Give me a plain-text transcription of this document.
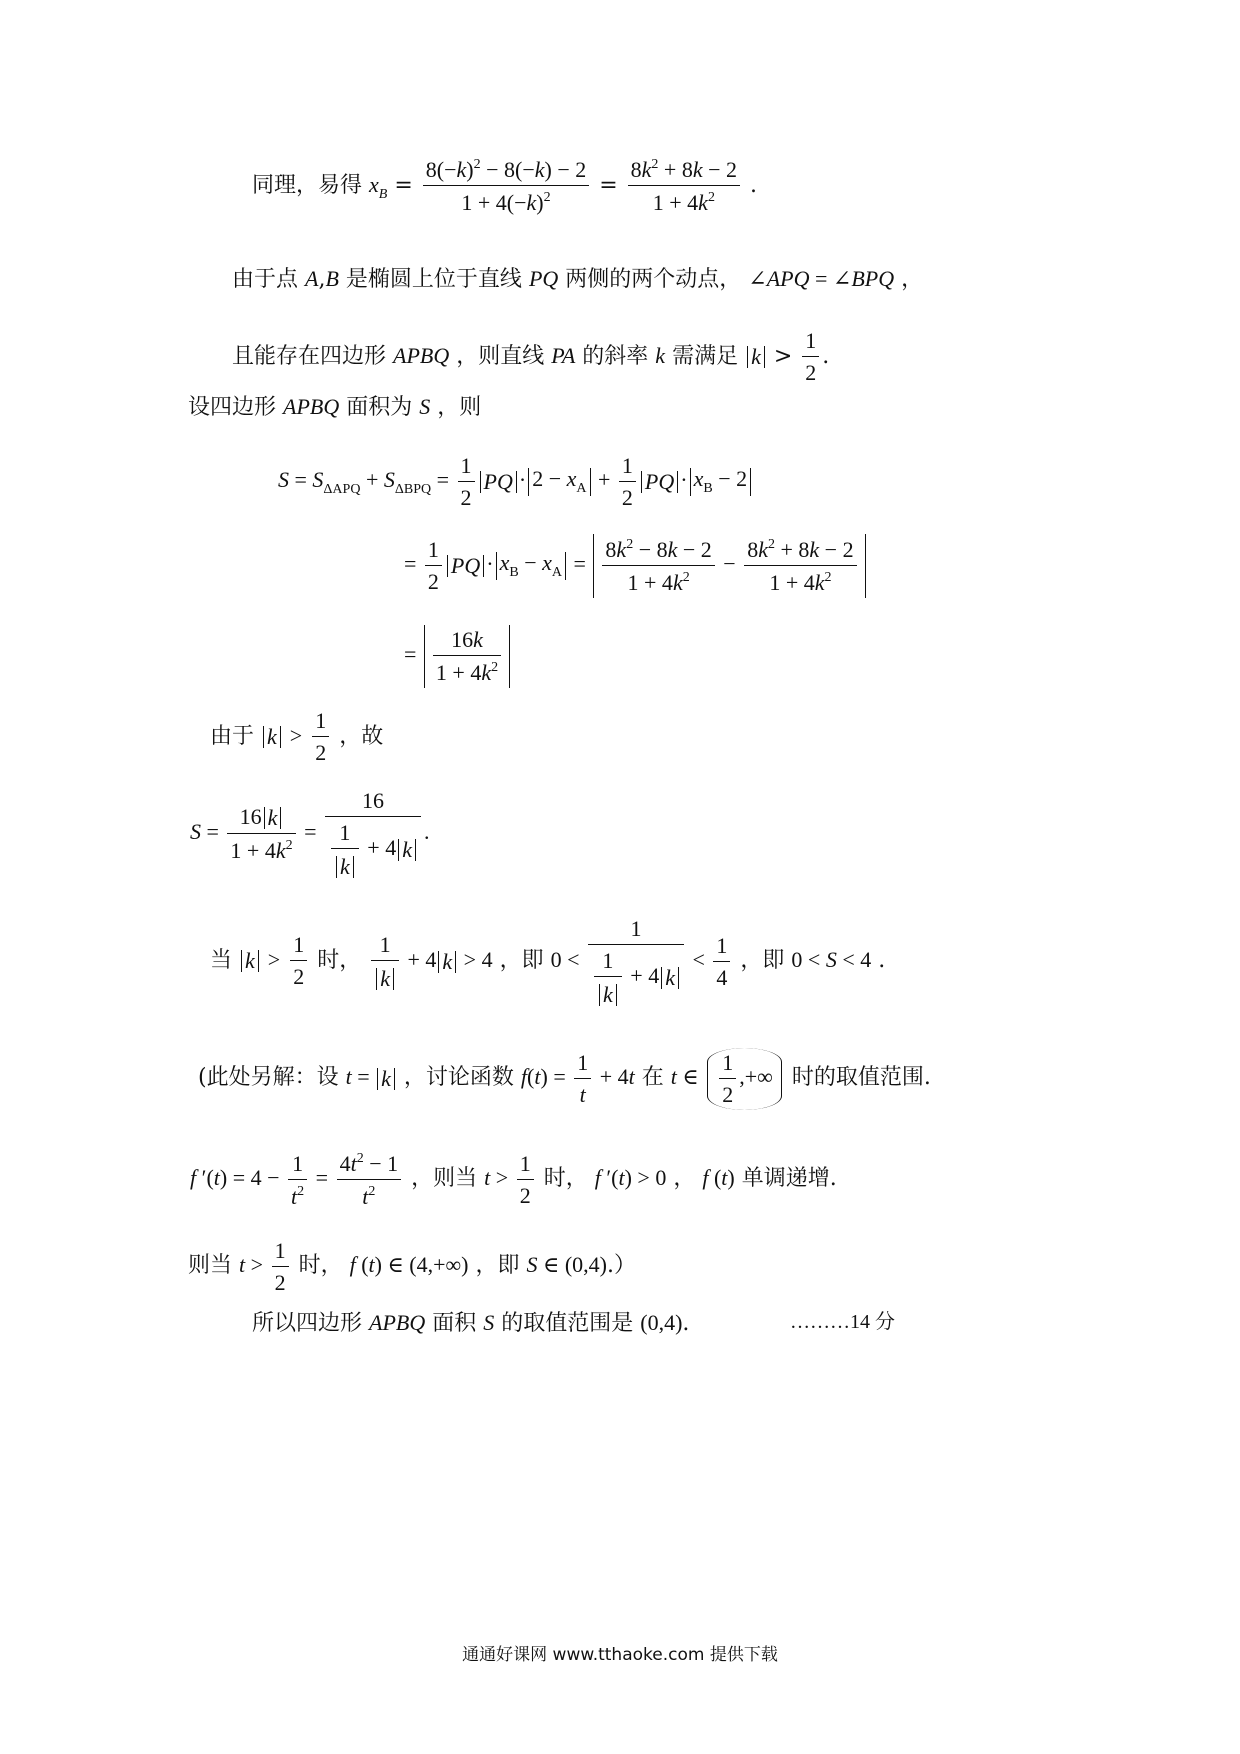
同理，易得 $x_B = \frac{8(-k)^2 - 8(-k) - 2}{1 + 4(-k)^2} = \frac{8k^2 + 8k - 2}{1 + 4k^2}$ .
由于点 A,B 是椭圆上位于直线 PQ 两侧的两个动点， ∠APQ = ∠BPQ ，
且能存在四边形 APBQ ，则直线 PA 的斜率 k 需满足 $k > \frac{1}{2}$ .
设四边形 APBQ 面积为 S ，则
$S = S_{\Delta APQ} + S_{\Delta BPQ} = \frac{1}{2}$ PQ · $2 - x_A + \frac{1}{2}$ PQ · $x_B - 2$
= $\frac{1}{2}$ PQ · $x_B - x_A = \frac{8k^2 - 8k - 2}{1 + 4k^2} - \frac{8k^2 + 8k - 2}{1 + 4k^2}$
= $\frac{16k}{1 + 4k^2}$
由于 $k > \frac{1}{2}$ ，故
$S = \frac{16 k}{1 + 4k^2} = \frac{16}{\frac{1}{k} + 4 k}$ .
当 $k > \frac{1}{2}$ 时， $\frac{1}{k} + 4$ k > 4 ，即 $0 < \frac{1}{\frac{1}{k} + 4 k} < \frac{1}{4}$ ，即 0 < S < 4 .
(此处另解：设 t = k ，讨论函数 $f(t) = \frac{1}{t} + 4t$ 在 t ∈ $\frac{1}{2}$ ,+∞ 时的取值范围.
f $'(t) = 4 - \frac{1}{t^2} = \frac{4t^2 - 1}{t^2}$ ，则当 $t > \frac{1}{2}$ 时， f ′(t) > 0 ， f (t) 单调递增.
则当 $t > \frac{1}{2}$ 时， f (t) ∈ (4,+∞) ，即 S ∈ (0,4).）
所以四边形 APBQ 面积 S 的取值范围是 (0,4).	………14 分
通通好课网 www.tthaoke.com 提供下载
